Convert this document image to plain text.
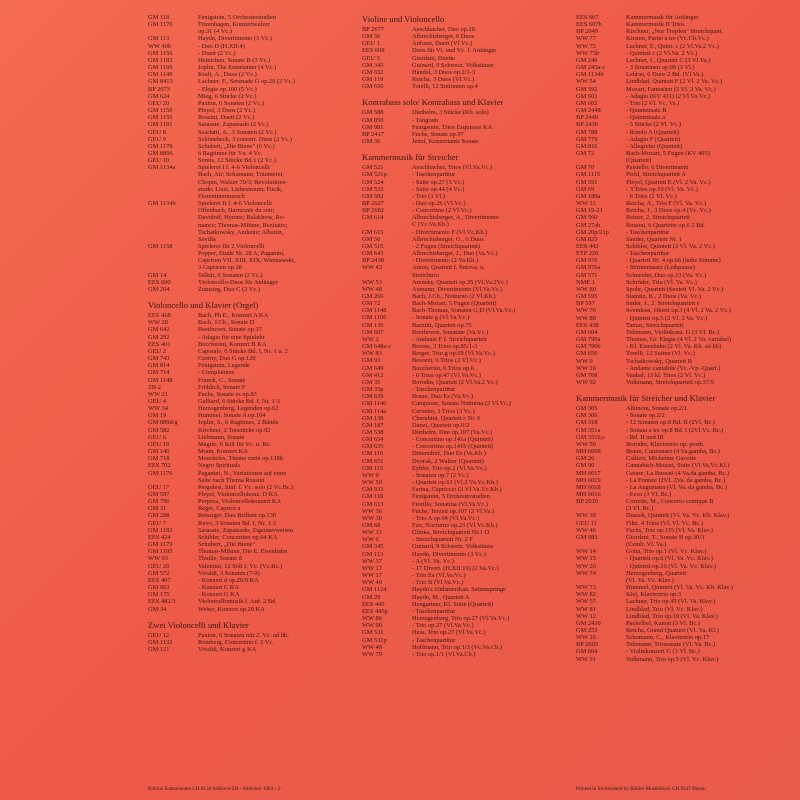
GM 118	Fenigstein, 5 Orchesterstudien
GM 1170	Fitzenhagen, Konzertwalzer
op.31 (4 Vc.)
GM 113	Haydn, Divertimento (3 Vc.)
WW 40b	- Duo D (H.XII:4)
GM 1156	- Duett (2 Vc.)
GM 1183	Heinichen, Sonate B (3 Vc.)
GM 1169	Joplin, The Entertainer (4 Vc.)
GM 1149	Kraft, A., Duos (2 Vc.)
GM 8413	Lachner, F., Serenade G op.29 (2 Vc.)
BP 2073	- Elegie op.160 (5 Vc.)
GM 624	Mieg, 6 Stücke (2 Vc.)
GEU 20	Paxton, 6 Sonaten (2 Vc.)
GM 1150	Pleyel, 3 Duos (2 Vc.)
GM 1155	Rossini, Duett (2 Vc.)
GM 1181	Sarasate, Zapateado (2 Vc.)
GEU 8	Scarlatti, A., 3 Sonaten (2 Vc.)
GEU 9	Schönebeck, 3 concert. Duos (2 Vc.)
GM 1178	Schubert, „Die Biene" (6 Vc.)
GM 8896	6 Ragtimes für 3 u. 4 Vc.
GEU 10	Somis, 12 Stücke Bd.1 (2 Vc.)
GM 1134a	Spielerei I f. 4-6 Violoncelli
Bach, Air; Schumann, Träumerei;
Chopin, Walzer 70/3; Revolutions-
etude; Liszt, Liebestraum; Fucik,
Florentinermarsch
GM 1134b	Spielerei II f. 4-6 Violoncelli
Offenbach, Harmonie du soir;
Davidoff, Hymne; Balakirew, Ro-
mance; Thomas-Mifune, Rezitativ;
Tschaikowsky, Andante; Albeniz,
Sevilla
GM 1158	Spielerei für 2 Violoncelli
Popper, Etude Nr. 28 A; Paganini,
Capricen VII, XIII, XIX; Wieniawski,
3 Capricen op.18
GM 14	Telkür, 6 Sonaten (2 Vc.)
EES 600	Violoncello-Duos für Anfänger
GM 204	Zumsteg, Duo C (2 Vc.)
Violoncello und Klavier (Orgel)
EES 418	Bach, Ph.E., Konzert A KA
WW 28	Bach, J.Ch., Sonate D
GM 642	Beethoven, Sonate op.17
GM 292	- Adagio für eine Spieluhr
EES 401	Boccherini, Konzert B KA
GEU 2	Caporale, 6 Stücke Bd. I, Nr. 1 u. 2
GM 743	Czerny, Duo G op.129
GM 814	Fenigstein, Legende
GM 714	- Complaintes
GM 1148	Franck, C., Sonate
ZB 2	Fröhlich, Sonate F
WW 21	Fuchs, Sonate es op.83
GEU 4	Galliard, 6 Stücke Bd. I, Nr. 1-3
WW 34	Herzogenberg, Legenden op.62
GM 19	Hummel, Sonate A op.104
GM 889d/g	Joplin, S., 6 Ragtimes, 2 Bände
GM 582	Kirchner, 2 Tonstücke op.92
GEU 6	Liebmann, Sonate
GEU 19	Magito, 6 Soli für Vc. u. Bc.
GM 140	Monn, Konzert KA
GM 718	Moscheles, Thème varié op.138b
EES 702	Negro Spirituals
GM 1176	Paganini, N., Variationen auf einer
Saite nach Thema Rossini
GEU 17	Pergolesi, Sinf. f. Vc. solo (2 Vc.Bc.)
GM 597	Pleyel, Violoncellokonz. D KA
GM 796	Porpora, Violoncellokonzert KA
GM 31	Reger, Caprice a
GM 288	Reissiger, Duo Brillant op.130
GEU 7	Ruvo, 3 Sonaten Bd. I, Nr. 1-3
GM 1183	Sarasate, Zapateado, Zigeunerweisen
EES 424	Schibler, Concertino op.64 KA
GM 1179	Schubert, „Die Biene"
GM 1105	Thomas-Mifune, Die E. Eisenbahn
WW 93	Thuille, Sonate d
GEU 20	Valentini, 12 Soli f. Vc. (Vc.Bc.)
GM 572	Vivaldi, 3 Sonaten (7-9)
EES 407	- Konzert d op.26/9 KA
GM 963	- Konzert C KA
GM 175	- Konzert G KA
EES 482/3	Violoncellomusik f. Anf. 2 Bd.
GM 34	Weber, Konzert op.20 KA
Zwei Violoncelli und Klavier
GEU 12	Paxton, 6 Sonaten mit 2. Vc. ad lib.
GM 1132	Romberg, Concertino f. 2 Vc.
GM 121	Vivaldi, Konzert g KA
Violine und Violoncello
BP 2677	Aeschbacher, Duo op.20
GM 56	Albrechtsberger, 6 Duos
GEU 1	Anfossi, Duett (Vl.Vc.)
EES 608	Duos für Vl. und Vc. f. Anfänger
GEU 5	Giordani, Duette
GM 345	Guinard, 9 Schweiz. Volkstänze
GM 652	Händel, 3 Duos op.2/1-3
GM 119	Reicha, 3 Duos (Vl.Vc.)
GM 656	Torelli, 12 Sinfonien op.4
Kontrabass solo/ Kontrabass und Klavier
GM 588	Diethelm, 3 Stücke (Kb. solo)
GM 850	- Tangram
GM 981	Fenigstein, Trios Esquisses KA
BP 2417	Fuchs, Sonate op.97
GM 36	Jettel, Konzertante Sonate
Kammermusik für Streicher
GM 521	Aeschbacher, Trios (Vl.Va.Vc.)
GM 521p	- Taschenpartitur
GM 524	- Suite op.27 (3 Vc.)
GM 533	- Suite op.44 (4 Vc.)
GM 502	- Trio (3 Vl.)
BP 2627	- Duo op.26 (Vl.Vc.)
BP 2682	- Concertino (2 Vl.Vc.)
GM 614	Albrechtsberger, A., Divertimento
C (Vc.Va.Kb.)
GM 615	- Divertimento F (Vl.Vc.Kb.)
GM 56	Albrechtsberger, G., 6 Duos
GM 515	- 2 Fugen (Streichquartett)
GM 643	Albrechtsberger, J., Duo (Va.Vc.)
BP 2438	- Divertimento (2 Va.Kb.)
WW 43	Amon, Quartett f. Sniova. u.
Streichtrio
WW 53	Arensky, Quartett op.35 (Vl.Va.2Vc.)
WW 48	Aumann, Divertimento (Vl.Va.Vc.)
GM 266	Bach, J.Ch., Notturno (2 Vl.Kb.)
GM 72	Bach-Mozart, 5 Fugen (Quartett)
GM 1148	Bach-Thomas, Sonaten G,D (Vl.Va.Vc.)
GM 1106	- Sonate g (Vl.Va.Vc.)
GM 136	Bazzini, Quartett op.75
GM 607	Beethoven, Sonatine (Va.Vc.)
WW 2	- Andante F f. Streichquartett
GM 648a-c	Berens, 3 Trios op.85/1-3
WW 83	Berger, Trio g op.69 (Vl.Va.Vc.)
GM 93	Besozzi, 6 Trios (2 Vl.Vc.)
GM 649	Boccherini, 6 Trios op.6
GM 412	- 6 Trios op.47 (Vl.Va.Vc.)
GM 35	Borodin, Quartett (2 Vl.Va.2 Vc.)
GM 35p	- Taschenpartitur
GM 639	Braun, Duo Es (Va.Vc.)
GM 1146	Campione, Sonata Notturna (2 Vl.Vc.)
GM 114a	Cervetto, 3 Trios (3 Vc.)
GM 138	Cherubini, Quartett c Nr. 6
GM 187	Danzi, Quartett op.6/2
GM 538	Diethelm, Duo op.107 (Va.Vc.)
GM 634	- Concertino op.141a (Quintett)
GM 635	- Concertino op.141b (Quintett)
GM 116	Dittersdorf, Duo Es (Va.Kb.)
GM 651	Dvorak, 2 Walzer (Quartett)
GM 115	Eybler, Trio op.2 (Vl.Va.Vc.)
WW 9	- Sonaten op.7 (2 Vc.)
WW 59	- Quartett op.61 (Vl.2 Va.Vc.Kb.)
GM 933	Farina, Capriccio (2 Vl.Va.Vc.Kb.)
GM 118	Fenigstein, 5 Orchesterstudien
GM 613	Fiorillo, Sonatina (Vl.Va.Vc.)
WW 36	Fuchs, Terzett op.107 (2 Vl.Va.)
WW 30	- Trio A op.94 (Vl.Va.Vc.)
GM 68	Fux, Nocturno op.23 (Vl.Vc.Kb.)
WW 33	Glinka, Streichquartett Nr.1 D
WW 6	- Streichquartett Nr. 2 F
GM 345	Guinard, 9 Schweiz. Volkstänze
GM 113	Haydn, Divertimento (3 Vc.)
WW 37	- A (Vl. Va. Vc.)
WW 17	- 17 Divert. (H.XII:19) (2 Va.Vc.)
WW 17	- Trio Es (Vl.Va.Vc.)
WW 40	- Trio B (Vl.Va.Vc.)
GM 1124	Haydn's Südamerikan. Saitenspringe
GM 29	Haydn, M., Quartett A
EES 445	Hengartner, Kl. Suite (Quartett)
EES 445p	- Taschenpartitur
WW 86	Herzogenberg, Trio op.27 (Vl.Va.Vc.)
WW 90	- Trio op.27 (Vl.Va.Vc.)
GM 531	Hess, Trio op.27 (Vl.Va.Vc.)
GM 531p	- Taschenpartitur
WW 49	Hoffmann, Trio op.1/3 (Vc.Va.Cb.)
WW 79	- Trio op.1/1 (Vl.Va.Cb.)
EES 607	Kammermusik für Anfänger
EES 607b	Kammermusik II Trios
BP 2049	Kirchner, „Nur Tropfen" Streichquart.
WW 77	Kirsten, Partie a tre (Vc.Cb.Vc.)
WW 75	Lachner, F., Quint. c (2 Vl.Va.2 Vc.)
WW 75b	- Quintett c (2 Vl.Va. 2 Vc.)
GM 246	Lachner, I., Quartett C (3 Vl.Va.)
GM 243a-c	- 3 Sonatinen op.90 (3 Vl.)
GM 1134b	Lehrau, 6 Duos 2 Bd. (Vl.Va.)
WW 54	Lindblad, Quintett F (2 Vl. 2 Va. Vc.)
GM 592	Mozart, Fantasien (2 Vl. 2 Va. Vc.)
GM 601	- Adagio (KV 411) (2 Vl.Va.Vc.)
GM 602	- Trio (2 Vl. Vc. Va.)
GM 2448	- Quintettsatz B
BP 2449	- Quintettsatz a
BP 2436	- 5 Stücke (2 Vl. Vc.)
GM 788	- Rondo A (Quartett)
GM 779	- Adagio F (Quartett)
GM 816	- Allegretto (Quartett)
GM 72	Bach-Mozart, 5 Fugen (KV 405)
(Quartett)
GM 70	Paisiello, 6 Divertimenti
GM 1115	Pichl, Streichquartett A
GM 591	Pleyel, Quartett E (Vl. 2 Va. Vc.)
GM 69	- 3 Trios op.10 (Vl. Va. Vc.)
GM 180a	- 6 Trios (2 Vl. Vc.)
WW 11	Reicha, A., Trio F (Vl. Va. Vc.)
GM 19-21	Reicha, J., 3 Duos op.4 (Vc. Vc.)
GM 560	Reiner, 2. Streichquartett
GM 27ab	Rossini, 6 Quartette op.6 2 Bd.
GM 20p/21p	- Taschenpartitur
GM 825	Sander, Quartett Nr. 1
EES 442	Schibler, Quintett (2 Vl. Va. 2 Vc.)
ETP 220	- Taschenpartitur
GM 976	- Quartett Nr. 4 op.66 (hohe Stimme)
GM 976a	- Stimmensatz (Leihpause)
GM 571	Schneider, Duo op.13 (Va. Vc.)
NME 1	Schröder, Trio (Vl. Va. Vc.)
WW 80	Spohr, Quartett (Sextett Vl. Va. 2 Vc.)
GM 595	Stamitz, K., 2 Duos (Va. Vc.)
BP 597	Suder, J., 2. Streichquartett e
WW 76	Svendsen, Oktett op.3 (4 Vl. 2 Va. 2 Vc.)
WW 88	- Quintett op.5 (2 Vl. 2 Va. Vc.)
EES 438	Tamas, Streichquartett
GM 604	Telemann, Violinkonz. G (3 Vl. Bc.)
GM 799a	Thomas, Gr. Elegie (4 Vl. 2 Va. variabel)
GM 790b	- Kl. Eisenbahn (2 Vl. Va. Kb. ad lib)
GM 656	Torelli, 12 Suiten (Vl. Vc.)
WW 9	Tschaikowsky, Quartett B
WW 16	- Andante cantabile (Vc.-Vp.-Quart.)
GM 768	Vanhal, 15 kl. Trios (2 Vl. Vc.)
WW 92	Volkmann, Streichquartett op.37/5
Kammermusik für Streicher und Klavier
GM 305	Albinoni, Sonate op.2/1
GM 306	- Sonate op.2/2
GM 318	- 12 Sonaten op.8 Bd. II (2Vl. Bc.)
GM 351a	- Sonata a tre op.8 Bd. I (2Vl.Vc. Bc.)
GM 351b,c	- Bd. II und III
WW 56	Borodin, Klaviertrio op. posth.
MH 6008	Braun, Canzonato (4 Va.gamba, Bc.)
GM 26	Calliert, Michelme Gavotte
GM 90	Cannabich-Mozart, Suite (Vl.Va.Vc.Kl.)
MH 6017	Cesare, La Bussati (4 Va.da gamba, Bc.)
MH 6019	- La Foniste (2Vl. 2Va. da gamba, Bc.)
MH 6018	- La Augustana (Vl. Va. da gamba, Bc.)
MH 6016	- Ecco (3 Vl. Bc.)
BP 2010	Corrette, M., Concerto comique B
(3 Vl. Bc.)
WW 39	Dussek, Quintett (Vl. Va. Vc. Kb. Klav.)
GEU 11	Filtz, 4 Trios (Vl. Vl. Vc. Bc.)
WW 46	Fuchs, Trio op.115 (Vl. Va. Klav.)
GM 983	Giordani, T., Sonate B op.30/3
(Cemb. Vl. Va.)
WW 14	Gotta, Trio op.1 (Vl. Vc. Klav.)
WW 15	- Quartett op.6 (Vl. Va. Vc. Klav.)
WW 26	- Quintett op.16 (Vl. Va. Vc. Klav.)
WW 74	Herzogenberg, Quartett
(Vl. Va. Vc. Klav.)
WW 73	Hummel, Quintett (Vl. Va. Vc. Kb. Klav.)
WW 82	Kiel, Klaviertrio op.3
WW 55	Lachner, Trio op.45 (Vl. Va. Klav.)
WW 81	Lindblad, Trio (Vl. Vc. Klav.)
WW 12	Lindblad, Trio op.10 (Vl. Va. Klav.)
GM 2430	Pachelbel, Kanon (3 Vl. Bc.)
GM 253	Reicha, Grand Quatuor (Vl. Va. Kl.)
WW 16	Schumann, C., Klaviertrio op.17
BP 2605	Telemann, Triosonate (Vl. Va. Bc.)
GM 604	- Violinkonzert G (3 Vl. Bc.)
WW 91	Volkmann, Trio op.5 (Vl. Vc. Klav.)
Edition Kunzelmann CH 8134 Adliswil/ZH - Streicher 1983 - 2 -	Printed in Switzerland by Bühler Musikdruck CH 9247 Henau
